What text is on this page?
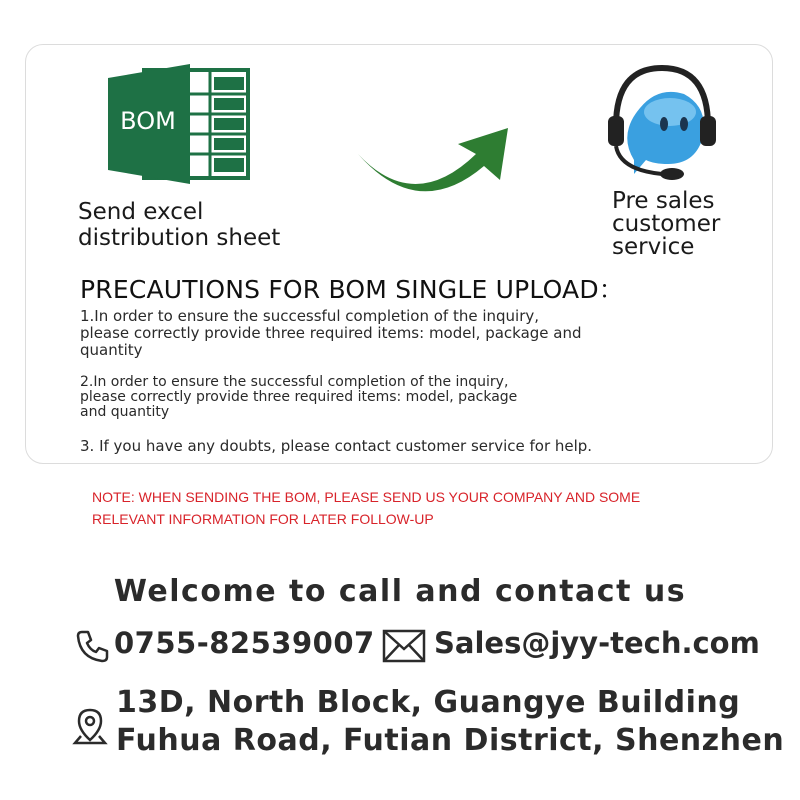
BOM
Send excel
distribution sheet
Pre sales
customer
service
PRECAUTIONS FOR BOM SINGLE UPLOAD：
1.In order to ensure the successful completion of the inquiry,
please correctly provide three required items: model, package and
quantity
2.In order to ensure the successful completion of the inquiry,
please correctly provide three required items: model, package
and quantity
3. If you have any doubts, please contact customer service for help.
NOTE: WHEN SENDING THE BOM, PLEASE SEND US YOUR COMPANY AND SOME
RELEVANT INFORMATION FOR LATER FOLLOW-UP
Welcome to call and contact us
0755-82539007 Sales@jyy-tech.com
13D, North Block, Guangye Building
Fuhua Road, Futian District, Shenzhen
